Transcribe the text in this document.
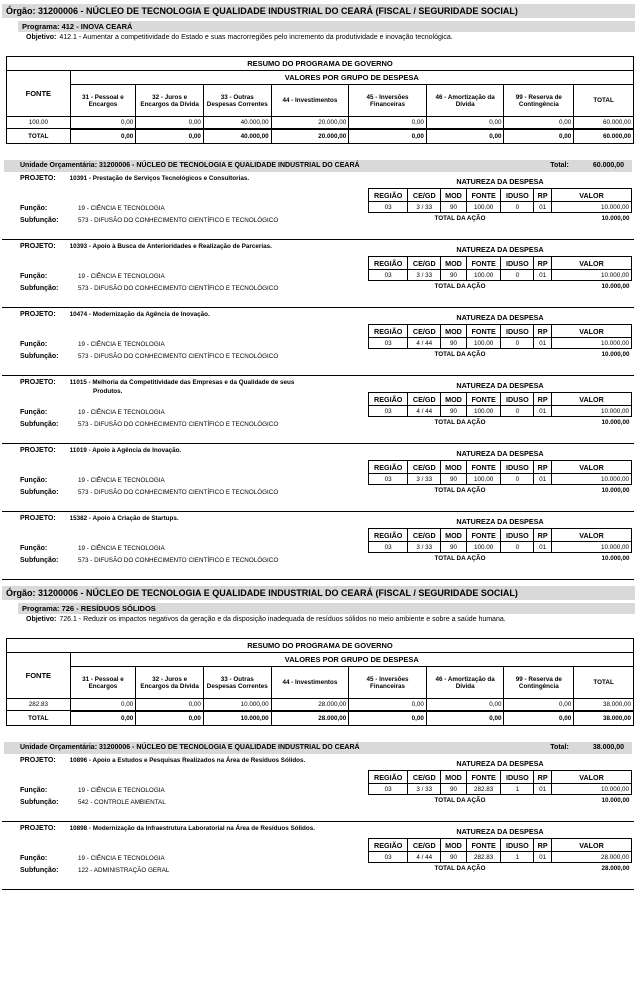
Órgão: 31200006 - NÚCLEO DE TECNOLOGIA E QUALIDADE INDUSTRIAL DO CEARÁ (FISCAL / SEGURIDADE SOCIAL)
Programa: 412 - INOVA CEARÁ
Objetivo: 412.1 - Aumentar a competitividade do Estado e suas macrorregiões pelo incremento da produtividade e inovação tecnológica.
RESUMO DO PROGRAMA DE GOVERNO								
FONTE	VALORES POR GRUPO DE DESPESA							
	31 - Pessoal e Encargos	32 - Juros e Encargos da Dívida	33 - Outras Despesas Correntes	44 - Investimentos	45 - Inversões Financeiras	46 - Amortização da Dívida	99 - Reserva de Contingência	TOTAL
100.00	0,00	0,00	40.000,00	20.000,00	0,00	0,00	0,00	60.000,00
TOTAL	0,00	0,00	40.000,00	20.000,00	0,00	0,00	0,00	60.000,00
Unidade Orçamentária: 31200006 - NÚCLEO DE TECNOLOGIA E QUALIDADE INDUSTRIAL DO CEARÁ	Total:	60.000,00
PROJETO: 10391 - Prestação de Serviços Tecnológicos e Consultorias.
Função:	19 - CIÊNCIA E TECNOLOGIA
Subfunção:	573 - DIFUSÃO DO CONHECIMENTO CIENTÍFICO E TECNOLÓGICO
NATUREZA DA DESPESA
REGIÃO	CE/GD	MOD	FONTE	IDUSO	RP	VALOR
03	3 / 33	90	100.00	0	01	10.000,00
TOTAL DA AÇÃO						10.000,00
PROJETO: 10393 - Apoio à Busca de Anterioridades e Realização de Parcerias.
Função:	19 - CIÊNCIA E TECNOLOGIA
Subfunção:	573 - DIFUSÃO DO CONHECIMENTO CIENTÍFICO E TECNOLÓGICO
NATUREZA DA DESPESA
REGIÃO	CE/GD	MOD	FONTE	IDUSO	RP	VALOR
03	3 / 33	90	100.00	0	01	10.000,00
TOTAL DA AÇÃO						10.000,00
PROJETO: 10474 - Modernização da Agência de Inovação.
Função:	19 - CIÊNCIA E TECNOLOGIA
Subfunção:	573 - DIFUSÃO DO CONHECIMENTO CIENTÍFICO E TECNOLÓGICO
NATUREZA DA DESPESA
REGIÃO	CE/GD	MOD	FONTE	IDUSO	RP	VALOR
03	4 / 44	90	100.00	0	01	10.000,00
TOTAL DA AÇÃO						10.000,00
PROJETO: 11015 - Melhoria da Competitividade das Empresas e da Qualidade de seus
Produtos.
Função:	19 - CIÊNCIA E TECNOLOGIA
Subfunção:	573 - DIFUSÃO DO CONHECIMENTO CIENTÍFICO E TECNOLÓGICO
NATUREZA DA DESPESA
REGIÃO	CE/GD	MOD	FONTE	IDUSO	RP	VALOR
03	4 / 44	90	100.00	0	01	10.000,00
TOTAL DA AÇÃO						10.000,00
PROJETO: 11019 - Apoio à Agência de Inovação.
Função:	19 - CIÊNCIA E TECNOLOGIA
Subfunção:	573 - DIFUSÃO DO CONHECIMENTO CIENTÍFICO E TECNOLÓGICO
NATUREZA DA DESPESA
REGIÃO	CE/GD	MOD	FONTE	IDUSO	RP	VALOR
03	3 / 33	90	100.00	0	01	10.000,00
TOTAL DA AÇÃO						10.000,00
PROJETO: 15382 - Apoio à Criação de Startups.
Função:	19 - CIÊNCIA E TECNOLOGIA
Subfunção:	573 - DIFUSÃO DO CONHECIMENTO CIENTÍFICO E TECNOLÓGICO
NATUREZA DA DESPESA
REGIÃO	CE/GD	MOD	FONTE	IDUSO	RP	VALOR
03	3 / 33	90	100.00	0	01	10.000,00
TOTAL DA AÇÃO						10.000,00
Órgão: 31200006 - NÚCLEO DE TECNOLOGIA E QUALIDADE INDUSTRIAL DO CEARÁ (FISCAL / SEGURIDADE SOCIAL)
Programa: 726 - RESÍDUOS SÓLIDOS
Objetivo: 726.1 - Reduzir os impactos negativos da geração e da disposição inadequada de resíduos sólidos no meio ambiente e sobre a saúde humana.
RESUMO DO PROGRAMA DE GOVERNO								
FONTE	VALORES POR GRUPO DE DESPESA							
	31 - Pessoal e Encargos	32 - Juros e Encargos da Dívida	33 - Outras Despesas Correntes	44 - Investimentos	45 - Inversões Financeiras	46 - Amortização da Dívida	99 - Reserva de Contingência	TOTAL
282.83	0,00	0,00	10.000,00	28.000,00	0,00	0,00	0,00	38.000,00
TOTAL	0,00	0,00	10.000,00	28.000,00	0,00	0,00	0,00	38.000,00
Unidade Orçamentária: 31200006 - NÚCLEO DE TECNOLOGIA E QUALIDADE INDUSTRIAL DO CEARÁ	Total:	38.000,00
PROJETO: 10896 - Apoio a Estudos e Pesquisas Realizados na Área de Resíduos Sólidos.
Função:	19 - CIÊNCIA E TECNOLOGIA
Subfunção:	542 - CONTROLE AMBIENTAL
NATUREZA DA DESPESA
REGIÃO	CE/GD	MOD	FONTE	IDUSO	RP	VALOR
03	3 / 33	90	282.83	1	01	10.000,00
TOTAL DA AÇÃO						10.000,00
PROJETO: 10898 - Modernização da Infraestrutura Laboratorial na Área de Resíduos Sólidos.
Função:	19 - CIÊNCIA E TECNOLOGIA
Subfunção:	122 - ADMINISTRAÇÃO GERAL
NATUREZA DA DESPESA
REGIÃO	CE/GD	MOD	FONTE	IDUSO	RP	VALOR
03	4 / 44	90	282.83	1	01	28.000,00
TOTAL DA AÇÃO						28.000,00
